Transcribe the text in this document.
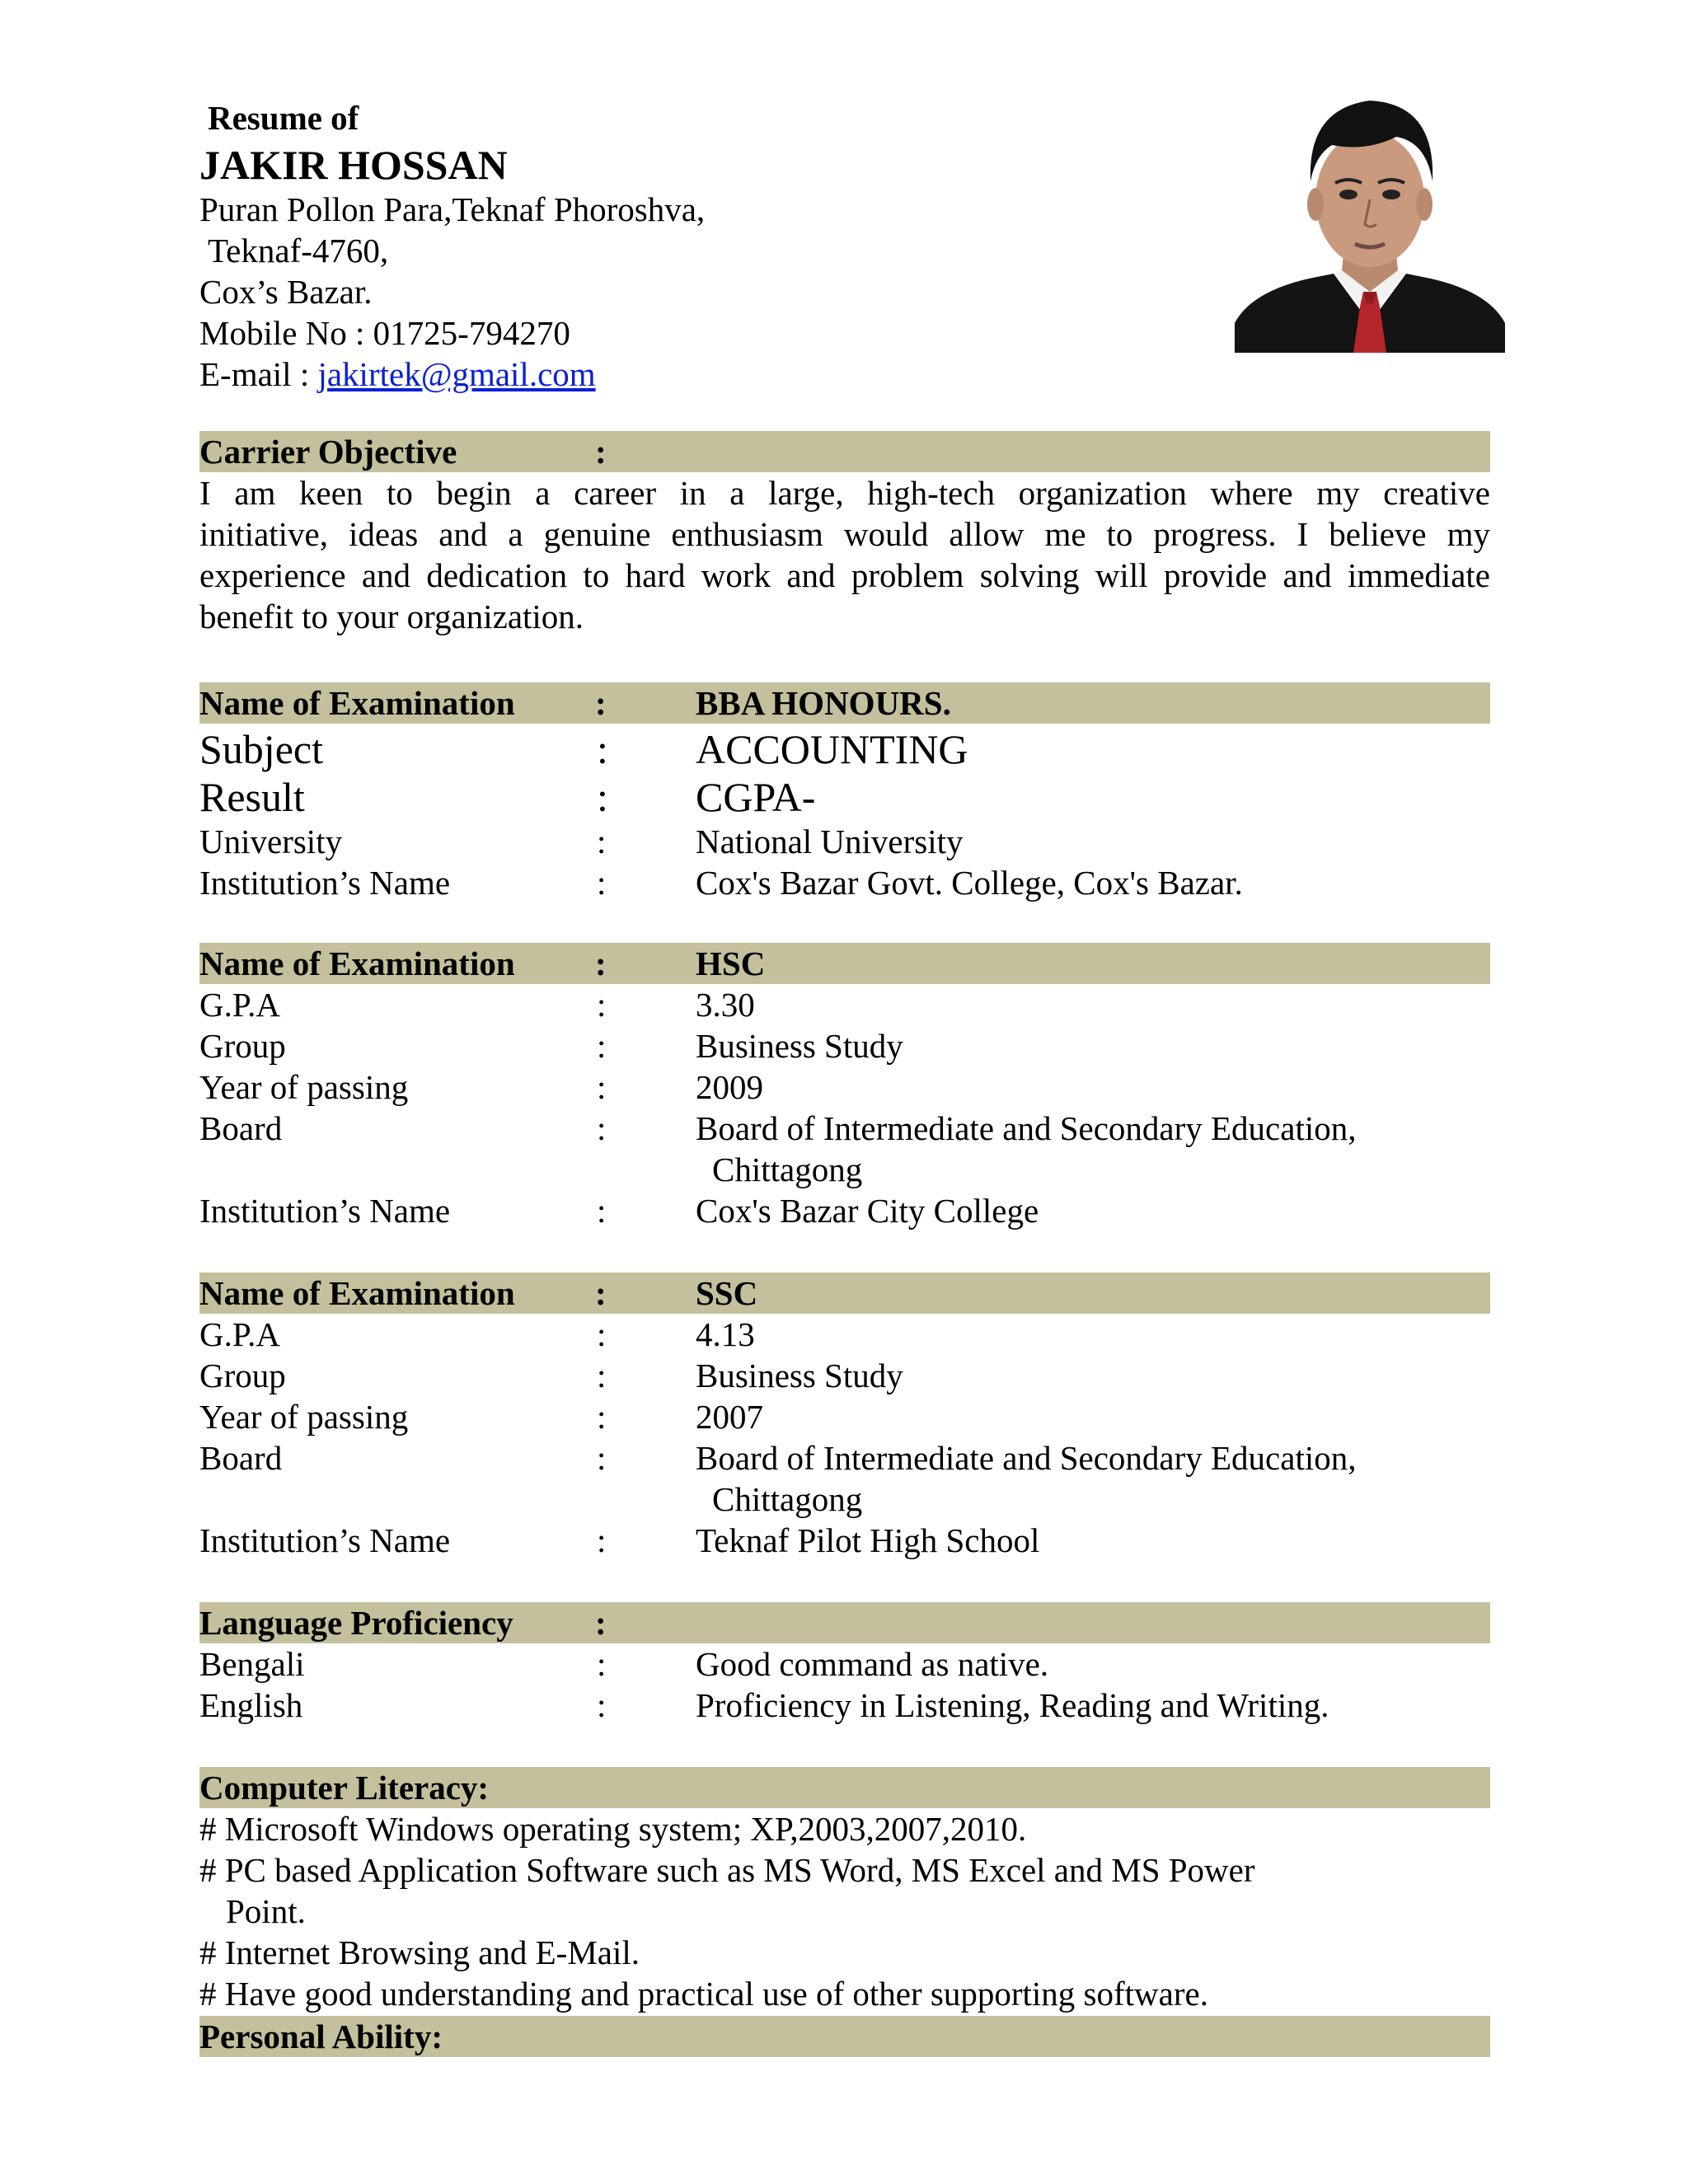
Resume of
JAKIR HOSSAN
Puran Pollon Para,Teknaf Phoroshva,
Teknaf-4760,
Cox’s Bazar.
Mobile No : 01725-794270
E-mail : jakirtek@gmail.com
Carrier Objective	:
I am keen to begin a career in a large, high-tech organization where my creative
initiative, ideas and a genuine enthusiasm would allow me to progress. I believe my
experience and dedication to hard work and problem solving will provide and immediate
benefit to your organization.
Name of Examination :	BBA HONOURS.
Subject	: ACCOUNTING
Result	: CGPA-
University	:	National University
Institution’s Name	:	Cox's Bazar Govt. College, Cox's Bazar.
Name of Examination :	HSC
G.P.A	:	3.30
Group	:	Business Study
Year of passing	:	2009
Board	:	Board of Intermediate and Secondary Education,
Chittagong
Institution’s Name	:	Cox's Bazar City College
Name of Examination :	SSC
G.P.A	:	4.13
Group	:	Business Study
Year of passing	:	2007
Board	:	Board of Intermediate and Secondary Education,
Chittagong
Institution’s Name	:	Teknaf Pilot High School
Language Proficiency :
Bengali	:	Good command as native.
English	:	Proficiency in Listening, Reading and Writing.
Computer Literacy:
# Microsoft Windows operating system; XP,2003,2007,2010.
# PC based Application Software such as MS Word, MS Excel and MS Power
Point.
# Internet Browsing and E-Mail.
# Have good understanding and practical use of other supporting software.
Personal Ability:
